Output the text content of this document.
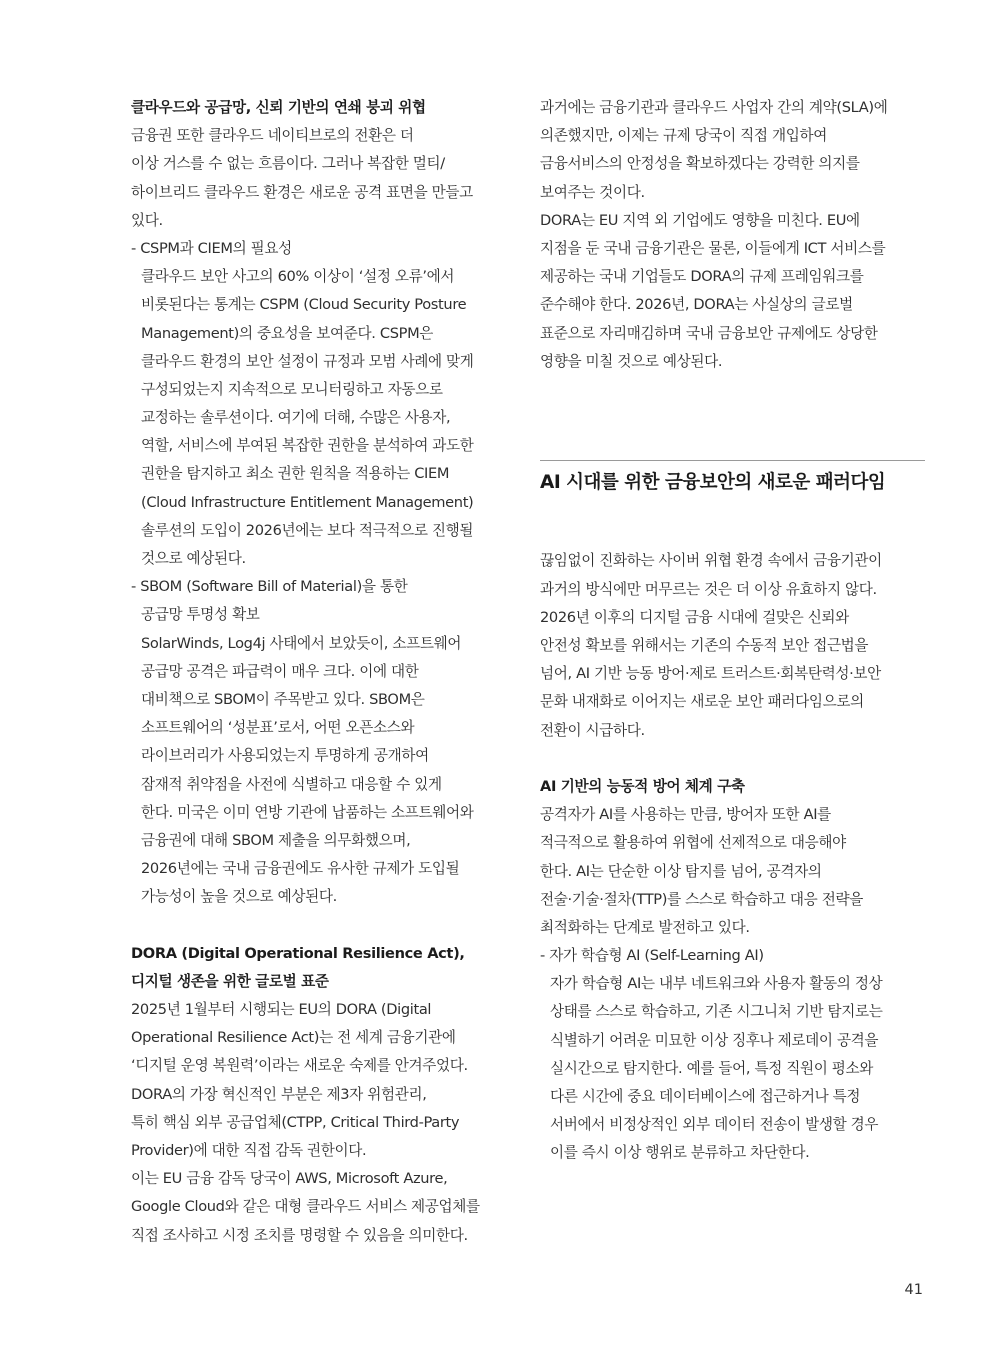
클라우드와 공급망, 신뢰 기반의 연쇄 붕괴 위협
금융권 또한 클라우드 네이티브로의 전환은 더
이상 거스를 수 없는 흐름이다. 그러나 복잡한 멀티/
하이브리드 클라우드 환경은 새로운 공격 표면을 만들고
있다.
- CSPM과 CIEM의 필요성
클라우드 보안 사고의 60% 이상이 ‘설정 오류’에서
비롯된다는 통계는 CSPM (Cloud Security Posture
Management)의 중요성을 보여준다. CSPM은
클라우드 환경의 보안 설정이 규정과 모범 사례에 맞게
구성되었는지 지속적으로 모니터링하고 자동으로
교정하는 솔루션이다. 여기에 더해, 수많은 사용자,
역할, 서비스에 부여된 복잡한 권한을 분석하여 과도한
권한을 탐지하고 최소 권한 원칙을 적용하는 CIEM
(Cloud Infrastructure Entitlement Management)
솔루션의 도입이 2026년에는 보다 적극적으로 진행될
것으로 예상된다.
- SBOM (Software Bill of Material)을 통한
공급망 투명성 확보
SolarWinds, Log4j 사태에서 보았듯이, 소프트웨어
공급망 공격은 파급력이 매우 크다. 이에 대한
대비책으로 SBOM이 주목받고 있다. SBOM은
소프트웨어의 ‘성분표’로서, 어떤 오픈소스와
라이브러리가 사용되었는지 투명하게 공개하여
잠재적 취약점을 사전에 식별하고 대응할 수 있게
한다. 미국은 이미 연방 기관에 납품하는 소프트웨어와
금융권에 대해 SBOM 제출을 의무화했으며,
2026년에는 국내 금융권에도 유사한 규제가 도입될
가능성이 높을 것으로 예상된다.
DORA (Digital Operational Resilience Act),
디지털 생존을 위한 글로벌 표준
2025년 1월부터 시행되는 EU의 DORA (Digital
Operational Resilience Act)는 전 세계 금융기관에
‘디지털 운영 복원력’이라는 새로운 숙제를 안겨주었다.
DORA의 가장 혁신적인 부분은 제3자 위험관리,
특히 핵심 외부 공급업체(CTPP, Critical Third-Party
Provider)에 대한 직접 감독 권한이다.
이는 EU 금융 감독 당국이 AWS, Microsoft Azure,
Google Cloud와 같은 대형 클라우드 서비스 제공업체를
직접 조사하고 시정 조치를 명령할 수 있음을 의미한다.
과거에는 금융기관과 클라우드 사업자 간의 계약(SLA)에
의존했지만, 이제는 규제 당국이 직접 개입하여
금융서비스의 안정성을 확보하겠다는 강력한 의지를
보여주는 것이다.
DORA는 EU 지역 외 기업에도 영향을 미친다. EU에
지점을 둔 국내 금융기관은 물론, 이들에게 ICT 서비스를
제공하는 국내 기업들도 DORA의 규제 프레임워크를
준수해야 한다. 2026년, DORA는 사실상의 글로벌
표준으로 자리매김하며 국내 금융보안 규제에도 상당한
영향을 미칠 것으로 예상된다.
AI 시대를 위한 금융보안의 새로운 패러다임
끊임없이 진화하는 사이버 위협 환경 속에서 금융기관이
과거의 방식에만 머무르는 것은 더 이상 유효하지 않다.
2026년 이후의 디지털 금융 시대에 걸맞은 신뢰와
안전성 확보를 위해서는 기존의 수동적 보안 접근법을
넘어, AI 기반 능동 방어·제로 트러스트·회복탄력성·보안
문화 내재화로 이어지는 새로운 보안 패러다임으로의
전환이 시급하다.
AI 기반의 능동적 방어 체계 구축
공격자가 AI를 사용하는 만큼, 방어자 또한 AI를
적극적으로 활용하여 위협에 선제적으로 대응해야
한다. AI는 단순한 이상 탐지를 넘어, 공격자의
전술·기술·절차(TTP)를 스스로 학습하고 대응 전략을
최적화하는 단계로 발전하고 있다.
- 자가 학습형 AI (Self-Learning AI)
자가 학습형 AI는 내부 네트워크와 사용자 활동의 정상
상태를 스스로 학습하고, 기존 시그니처 기반 탐지로는
식별하기 어려운 미묘한 이상 징후나 제로데이 공격을
실시간으로 탐지한다. 예를 들어, 특정 직원이 평소와
다른 시간에 중요 데이터베이스에 접근하거나 특정
서버에서 비정상적인 외부 데이터 전송이 발생할 경우
이를 즉시 이상 행위로 분류하고 차단한다.
41
